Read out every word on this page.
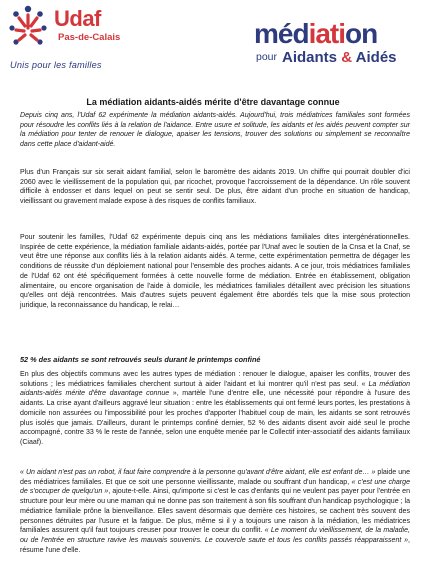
Udaf
Pas-de-Calais
Unis pour les familles
médiation
pour Aidants & Aidés
La médiation aidants-aidés mérite d'être davantage connue

Depuis cinq ans, l'Udaf 62 expérimente la médiation aidants-aidés. Aujourd'hui, trois médiatrices familiales sont formées pour résoudre les conflits liés à la relation de l'aidance. Entre usure et solitude, les aidants et les aidés peuvent compter sur la médiation pour tenter de renouer le dialogue, apaiser les tensions, trouver des solutions ou simplement se reconnaître dans cette place d'aidant-aidé.

Plus d'un Français sur six serait aidant familial, selon le baromètre des aidants 2019. Un chiffre qui pourrait doubler d'ici 2060 avec le vieillissement de la population qui, par ricochet, provoque l'accroissement de la dépendance. Un rôle souvent difficile à endosser et dans lequel on peut se sentir seul. De plus, être aidant d'un proche en situation de handicap, vieillissant ou gravement malade expose à des risques de conflits familiaux.

Pour soutenir les familles, l'Udaf 62 expérimente depuis cinq ans les médiations familiales dites intergénérationnelles. Inspirée de cette expérience, la médiation familiale aidants-aidés, portée par l'Unaf avec le soutien de la Cnsa et la Cnaf, se veut être une réponse aux conflits liés à la relation aidants aidés. A terme, cette expérimentation permettra de dégager les conditions de réussite d'un déploiement national pour l'ensemble des proches aidants. A ce jour, trois médiatrices familiales de l'Udaf 62 ont été spécifiquement formées à cette nouvelle forme de médiation. Entrée en établissement, obligation alimentaire, ou encore organisation de l'aide à domicile, les médiatrices familiales détaillent avec précision les situations qu'elles ont déjà rencontrées. Mais d'autres sujets peuvent également être abordés tels que la mise sous protection juridique, la reconnaissance du handicap, le relai…

52 % des aidants se sont retrouvés seuls durant le printemps confiné

En plus des objectifs communs avec les autres types de médiation : renouer le dialogue, apaiser les conflits, trouver des solutions ; les médiatrices familiales cherchent surtout à aider l'aidant et lui montrer qu'il n'est pas seul. « La médiation aidants-aidés mérite d'être davantage connue », martèle l'une d'entre elle, une nécessité pour répondre à l'usure des aidants. La crise ayant d'ailleurs aggravé leur situation : entre les établissements qui ont fermé leurs portes, les prestations à domicile non assurées ou l'impossibilité pour les proches d'apporter l'habituel coup de main, les aidants se sont retrouvés plus isolés que jamais. D'ailleurs, durant le printemps confiné dernier, 52 % des aidants disent avoir aidé seul le proche accompagné, contre 33 % le reste de l'année, selon une enquête menée par le Collectif inter-associatif des aidants familiaux (Ciaaf).

« Un aidant n'est pas un robot, il faut faire comprendre à la personne qu'avant d'être aidant, elle est enfant de… » plaide une des médiatrices familiales. Et que ce soit une personne vieillissante, malade ou souffrant d'un handicap, « c'est une charge de s'occuper de quelqu'un », ajoute-t-elle. Ainsi, qu'importe si c'est le cas d'enfants qui ne veulent pas payer pour l'entrée en structure pour leur mère ou une maman qui ne donne pas son traitement à son fils souffrant d'un handicap psychologique ; la médiatrice familiale prône la bienveillance. Elles savent désormais que derrière ces histoires, se cachent très souvent des personnes détruites par l'usure et la fatigue. De plus, même si il y a toujours une raison à la médiation, les médiatrices familiales assurent qu'il faut toujours creuser pour trouver le coeur du conflit. « Le moment du vieillissement, de la maladie, ou de l'entrée en structure ravive les mauvais souvenirs. Le couvercle saute et tous les conflits passés réapparaissent », résume l'une d'elle.
